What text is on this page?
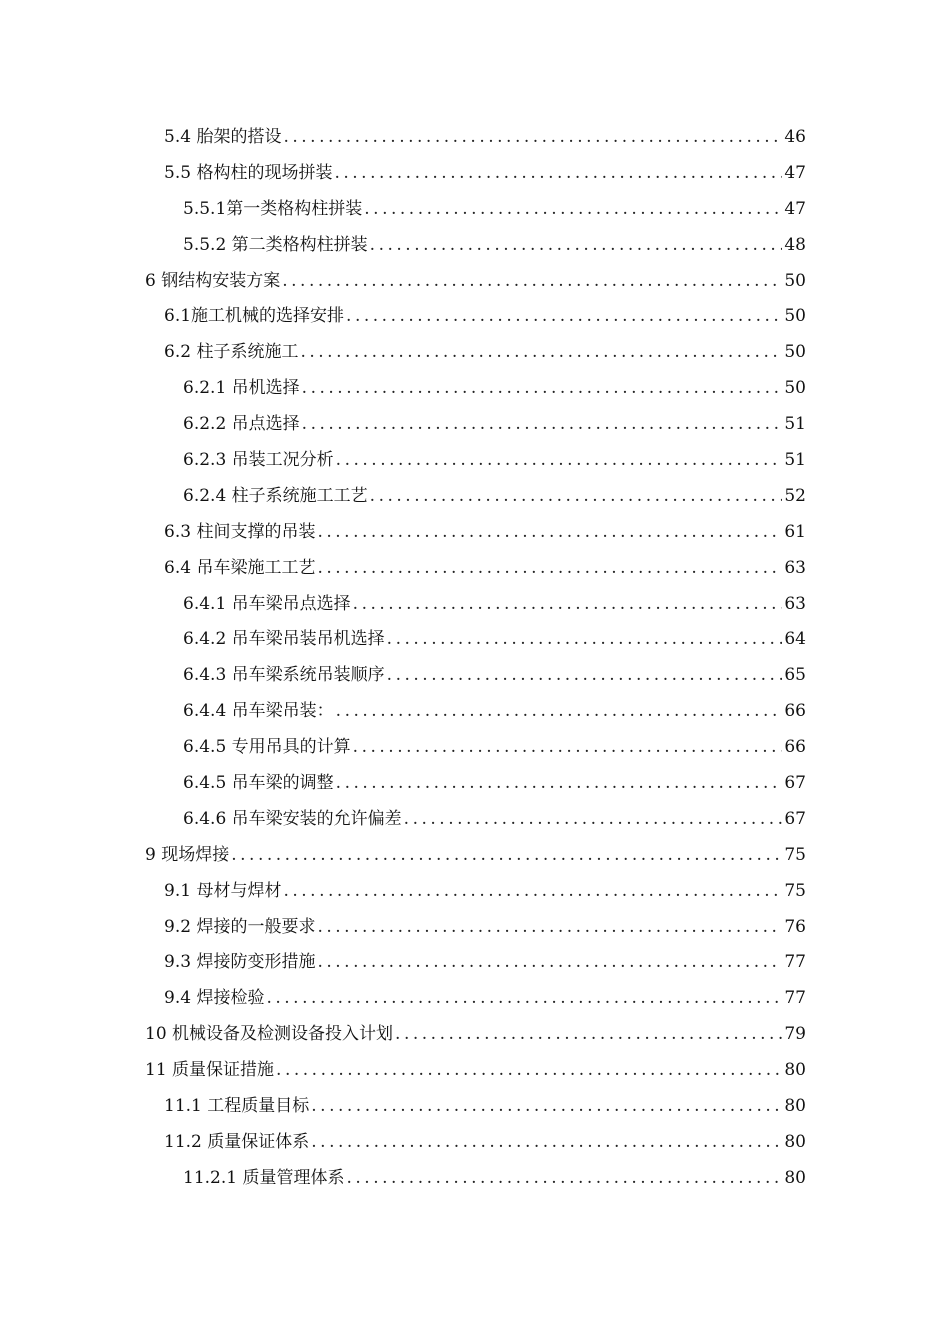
5.4 胎架的搭设 .....	46
5.5 格构柱的现场拼装 .....	47
5.5.1第一类格构柱拼装 .....	47
5.5.2 第二类格构柱拼装 .....	48
6 钢结构安装方案 .....	50
6.1施工机械的选择安排 .....	50
6.2 柱子系统施工 .....	50
6.2.1 吊机选择 .....	50
6.2.2 吊点选择 .....	51
6.2.3 吊装工况分析 .....	51
6.2.4 柱子系统施工工艺 .....	52
6.3 柱间支撑的吊装 .....	61
6.4 吊车梁施工工艺 .....	63
6.4.1 吊车梁吊点选择 .....	63
6.4.2 吊车梁吊装吊机选择 .....	64
6.4.3 吊车梁系统吊装顺序 .....	65
6.4.4 吊车梁吊装： .....	66
6.4.5 专用吊具的计算 .....	66
6.4.5 吊车梁的调整 .....	67
6.4.6 吊车梁安装的允许偏差 .....	67
9 现场焊接 .....	75
9.1 母材与焊材 .....	75
9.2 焊接的一般要求 .....	76
9.3 焊接防变形措施 .....	77
9.4 焊接检验 .....	77
10 机械设备及检测设备投入计划 .....	79
11 质量保证措施 .....	80
11.1 工程质量目标 .....	80
11.2 质量保证体系 .....	80
11.2.1 质量管理体系 .....	80
